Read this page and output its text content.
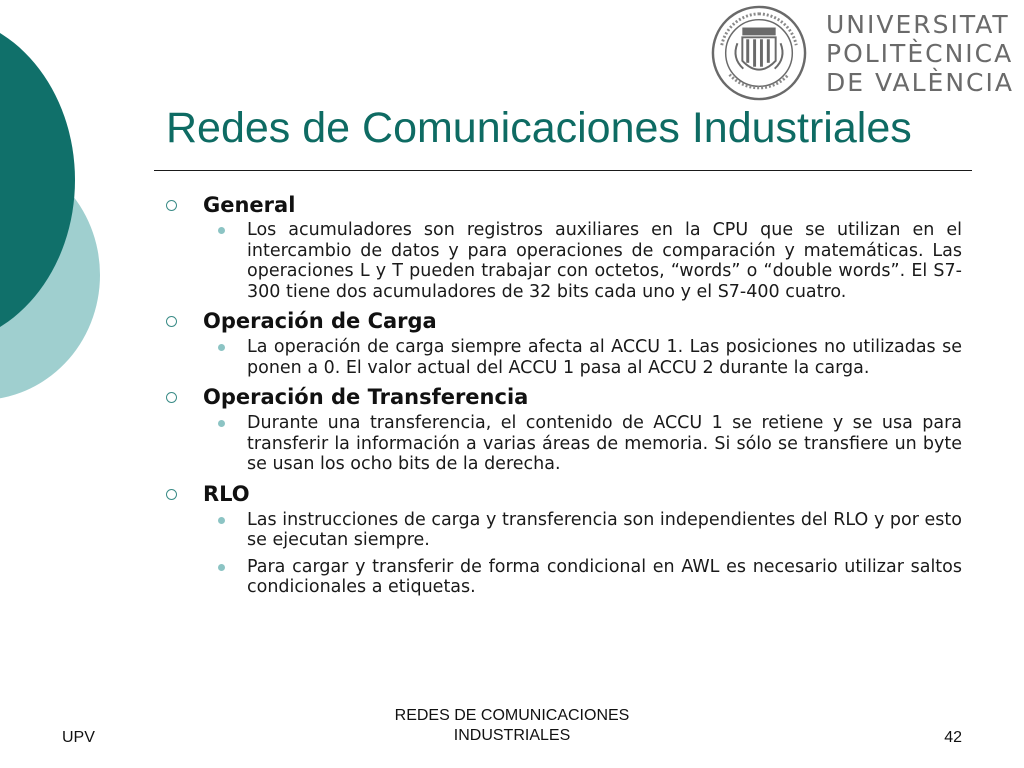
UNIVERSITAT
POLITÈCNICA
DE VALÈNCIA
Redes de Comunicaciones Industriales
General
Los acumuladores son registros auxiliares en la CPU que se utilizan en el intercambio de datos y para operaciones de comparación y matemáticas. Las operaciones L y T pueden trabajar con octetos, “words” o “double words”. El S7-300 tiene dos acumuladores de 32 bits cada uno y el S7-400 cuatro.
Operación de Carga
La operación de carga siempre afecta al ACCU 1. Las posiciones no utilizadas se ponen a 0. El valor actual del ACCU 1 pasa al ACCU 2 durante la carga.
Operación de Transferencia
Durante una transferencia, el contenido de ACCU 1 se retiene y se usa para transferir la información a varias áreas de memoria. Si sólo se transfiere un byte se usan los ocho bits de la derecha.
RLO
Las instrucciones de carga y transferencia son independientes del RLO y por esto se ejecutan siempre.
Para cargar y transferir de forma condicional en AWL es necesario utilizar saltos condicionales a etiquetas.
UPV
REDES DE COMUNICACIONES
INDUSTRIALES	42
